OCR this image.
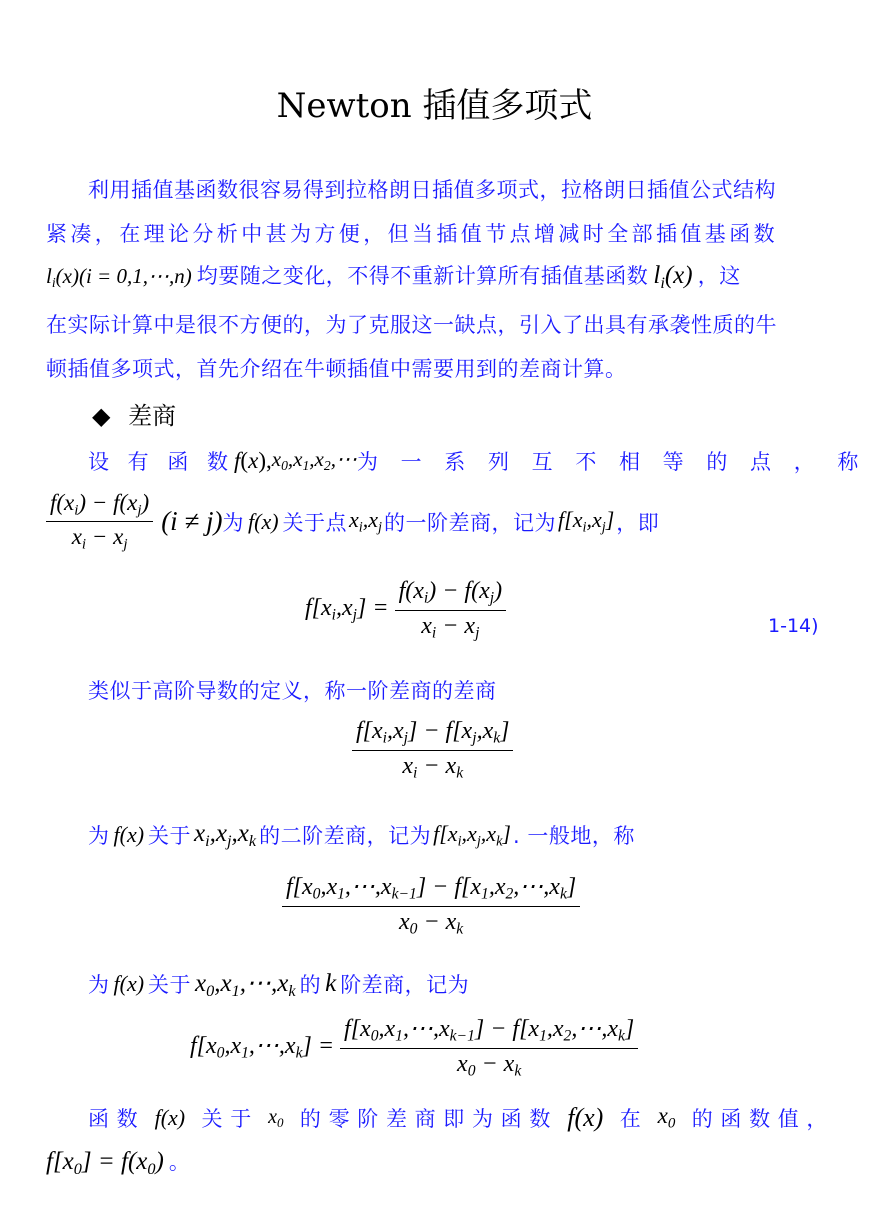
Newton 插值多项式
利用插值基函数很容易得到拉格朗日插值多项式，拉格朗日插值公式结构
紧凑，在理论分析中甚为方便，但当插值节点增减时全部插值基函数
$l_i(x)(i$ = 0,1,⋯,n) 均要随之变化，不得不重新计算所有插值基函数 $l_i(x)$ ，这
在实际计算中是很不方便的，为了克服这一缺点，引入了出具有承袭性质的牛
顿插值多项式，首先介绍在牛顿插值中需要用到的差商计算。
◆ 差商
设 有 函 数 f(x), $x_0,x_1,x_2,\cdots$ 为 一 系 列 互 不 相 等 的 点 ， 称
$\frac{f(x_i) - f(x_j)}{x_i - x_j} (i \ne j)$ 为 f(x) 关于点 $x_i,x_j$ 的一阶差商，记为 $f[x_i,x_j]$ ，即
$f[x_i,x_j] = \frac{f(x_i) - f(x_j)}{x_i - x_j}$	1-14)
类似于高阶导数的定义，称一阶差商的差商
$\frac{f[x_i,x_j] - f[x_j,x_k]}{x_i - x_k}$
为 f(x) 关于 $x_i,x_j,x_k$ 的二阶差商，记为 $f[x_i,x_j,x_k]$ . 一般地，称
$\frac{f[x_0,x_1,\cdots,x_{k-1}] - f[x_1,x_2,\cdots,x_k]}{x_0 - x_k}$
为 f(x) 关于 $x_0,x_1,\cdots,x_k$ 的 k 阶差商，记为
$f[x_0,x_1,\cdots,x_k] = \frac{f[x_0,x_1,\cdots,x_{k-1}] - f[x_1,x_2,\cdots,x_k]}{x_0 - x_k}$
函 数 f(x) 关 于 $x_0$ 的 零 阶 差 商 即 为 函 数 f(x) 在 $x_0$ 的 函 数 值 ，
$f[x_0] = f(x_0)$ 。
